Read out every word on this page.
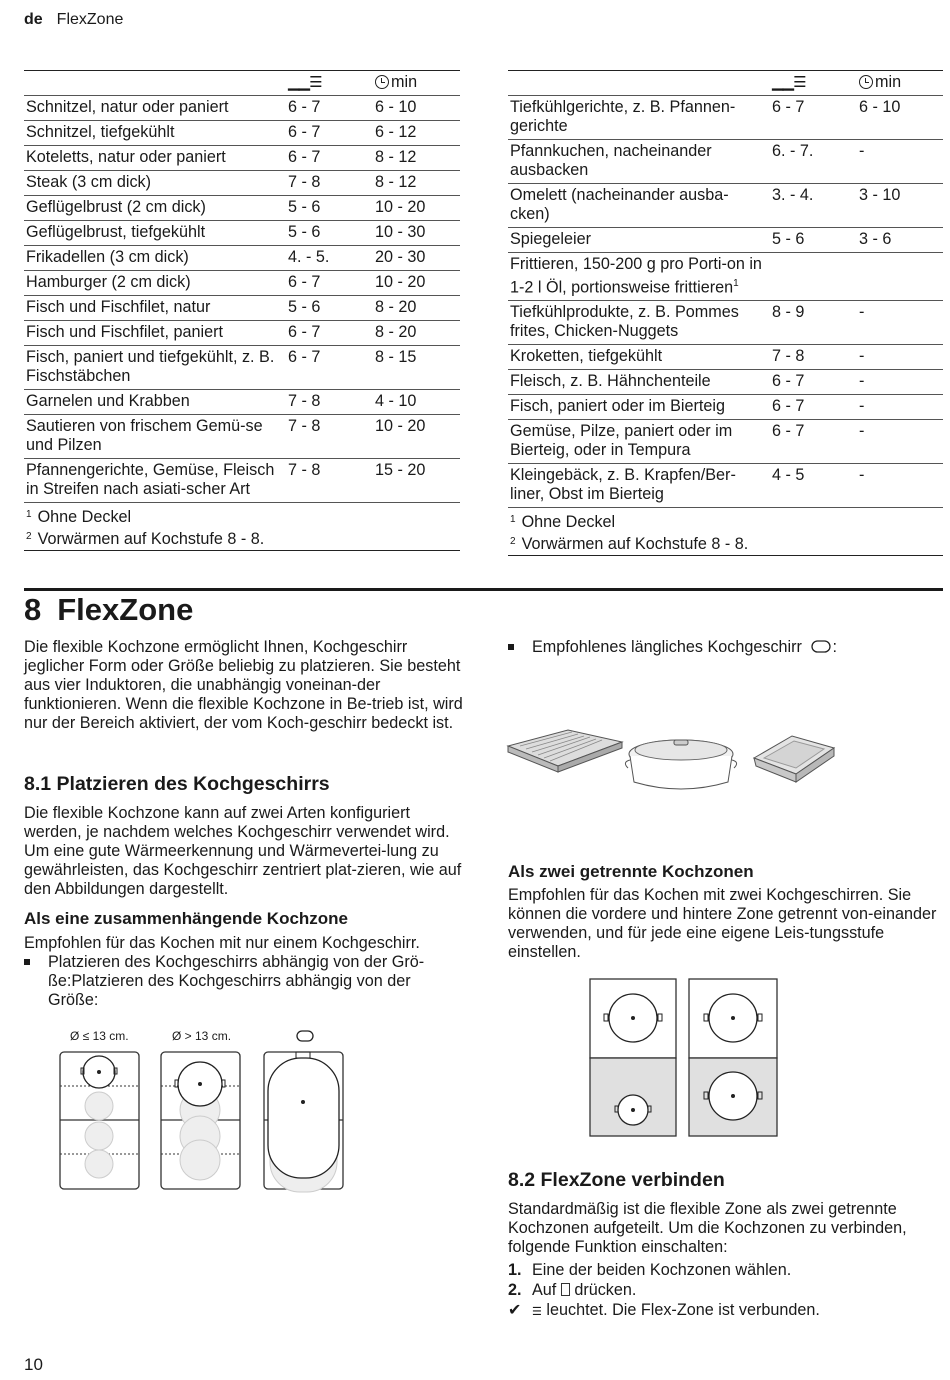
de FlexZone
	▁▁☰	min
Schnitzel, natur oder paniert	6 - 7	6 - 10
Schnitzel, tiefgekühlt	6 - 7	6 - 12
Koteletts, natur oder paniert	6 - 7	8 - 12
Steak (3 cm dick)	7 - 8	8 - 12
Geflügelbrust (2 cm dick)	5 - 6	10 - 20
Geflügelbrust, tiefgekühlt	5 - 6	10 - 30
Frikadellen (3 cm dick)	4. - 5.	20 - 30
Hamburger (2 cm dick)	6 - 7	10 - 20
Fisch und Fischfilet, natur	5 - 6	8 - 20
Fisch und Fischfilet, paniert	6 - 7	8 - 20
Fisch, paniert und tiefgekühlt, z. B. Fischstäbchen	6 - 7	8 - 15
Garnelen und Krabben	7 - 8	4 - 10
Sautieren von frischem Gemü-se und Pilzen	7 - 8	10 - 20
Pfannengerichte, Gemüse, Fleisch in Streifen nach asiati-scher Art	7 - 8	15 - 20

$^1$ Ohne Deckel
$^2$ Vorwärmen auf Kochstufe 8 - 8.		
	▁▁☰	min
Tiefkühlgerichte, z. B. Pfannen-gerichte	6 - 7	6 - 10
Pfannkuchen, nacheinander ausbacken	6. - 7.	-
Omelett (nacheinander ausba-cken)	3. - 4.	3 - 10
Spiegeleier	5 - 6	3 - 6
Frittieren, 150-200 g pro Porti-on in 1-2 l Öl, portionsweise frittieren$^1$		
Tiefkühlprodukte, z. B. Pommes frites, Chicken-Nuggets	8 - 9	-
Kroketten, tiefgekühlt	7 - 8	-
Fleisch, z. B. Hähnchenteile	6 - 7	-
Fisch, paniert oder im Bierteig	6 - 7	-
Gemüse, Pilze, paniert oder im Bierteig, oder in Tempura	6 - 7	-
Kleingebäck, z. B. Krapfen/Ber-liner, Obst im Bierteig	4 - 5	-

$^1$ Ohne Deckel
$^2$ Vorwärmen auf Kochstufe 8 - 8.		
8 FlexZone
Die flexible Kochzone ermöglicht Ihnen, Kochgeschirr jeglicher Form oder Größe beliebig zu platzieren. Sie besteht aus vier Induktoren, die unabhängig voneinan-der funktionieren. Wenn die flexible Kochzone in Be-trieb ist, wird nur der Bereich aktiviert, der vom Koch-geschirr bedeckt ist.
8.1 Platzieren des Kochgeschirrs
Die flexible Kochzone kann auf zwei Arten konfiguriert werden, je nachdem welches Kochgeschirr verwendet wird. Um eine gute Wärmeerkennung und Wärmevertei-lung zu gewährleisten, das Kochgeschirr zentriert plat-zieren, wie auf den Abbildungen dargestellt.
Als eine zusammenhängende Kochzone
Empfohlen für das Kochen mit nur einem Kochgeschirr.
Platzieren des Kochgeschirrs abhängig von der Grö-ße:Platzieren des Kochgeschirrs abhängig von der Größe:
Ø ≤ 13 cm.	Ø > 13 cm.
Empfohlenes längliches Kochgeschirr :
Als zwei getrennte Kochzonen
Empfohlen für das Kochen mit zwei Kochgeschirren. Sie können die vordere und hintere Zone getrennt von-einander verwenden, und für jede eine eigene Leis-tungsstufe einstellen.
8.2 FlexZone verbinden
Standardmäßig ist die flexible Zone als zwei getrennte Kochzonen aufgeteilt. Um die Kochzonen zu verbinden, folgende Funktion einschalten:
1. Eine der beiden Kochzonen wählen.
2. Auf drücken.
✔ ☰ leuchtet. Die Flex-Zone ist verbunden.
10
